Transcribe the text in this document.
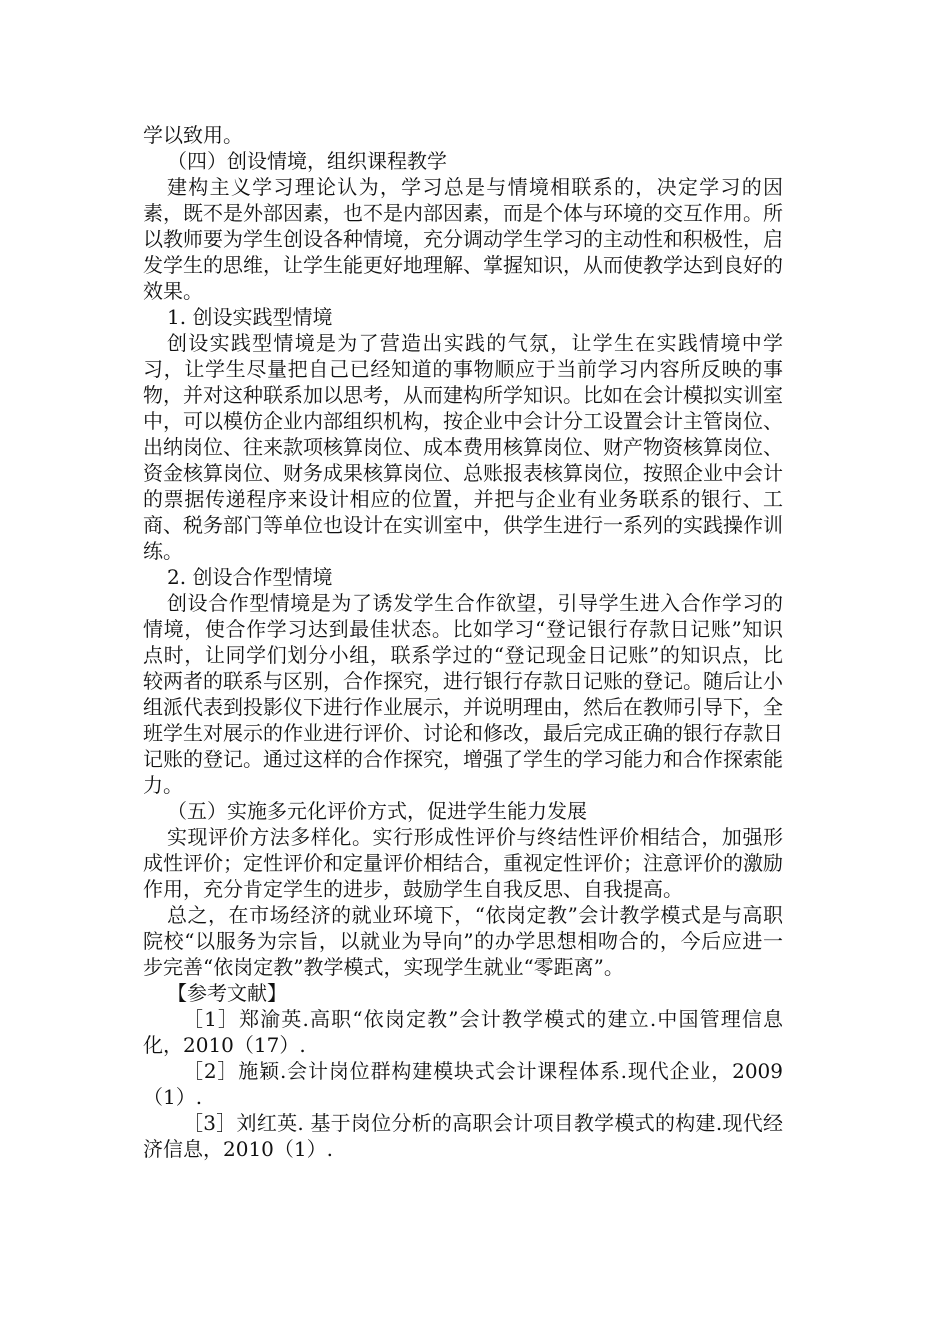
学以致用。

（四）创设情境，组织课程教学

建构主义学习理论认为，学习总是与情境相联系的，决定学习的因素，既不是外部因素，也不是内部因素，而是个体与环境的交互作用。所以教师要为学生创设各种情境，充分调动学生学习的主动性和积极性，启发学生的思维，让学生能更好地理解、掌握知识，从而使教学达到良好的效果。

1. 创设实践型情境

创设实践型情境是为了营造出实践的气氛，让学生在实践情境中学习，让学生尽量把自己已经知道的事物顺应于当前学习内容所反映的事物，并对这种联系加以思考，从而建构所学知识。比如在会计模拟实训室中，可以模仿企业内部组织机构，按企业中会计分工设置会计主管岗位、出纳岗位、往来款项核算岗位、成本费用核算岗位、财产物资核算岗位、资金核算岗位、财务成果核算岗位、总账报表核算岗位，按照企业中会计的票据传递程序来设计相应的位置，并把与企业有业务联系的银行、工商、税务部门等单位也设计在实训室中，供学生进行一系列的实践操作训练。

2. 创设合作型情境

创设合作型情境是为了诱发学生合作欲望，引导学生进入合作学习的情境，使合作学习达到最佳状态。比如学习“登记银行存款日记账”知识点时，让同学们划分小组，联系学过的“登记现金日记账”的知识点，比较两者的联系与区别，合作探究，进行银行存款日记账的登记。随后让小组派代表到投影仪下进行作业展示，并说明理由，然后在教师引导下，全班学生对展示的作业进行评价、讨论和修改，最后完成正确的银行存款日记账的登记。通过这样的合作探究，增强了学生的学习能力和合作探索能力。

（五）实施多元化评价方式，促进学生能力发展

实现评价方法多样化。实行形成性评价与终结性评价相结合，加强形成性评价；定性评价和定量评价相结合，重视定性评价；注意评价的激励作用，充分肯定学生的进步，鼓励学生自我反思、自我提高。

总之，在市场经济的就业环境下，“依岗定教”会计教学模式是与高职院校“以服务为宗旨，以就业为导向”的办学思想相吻合的，今后应进一步完善“依岗定教”教学模式，实现学生就业“零距离”。

【参考文献】

［1］郑渝英.高职“依岗定教”会计教学模式的建立.中国管理信息化，2010（17）.

［2］施颖.会计岗位群构建模块式会计课程体系.现代企业，2009（1）.

［3］刘红英. 基于岗位分析的高职会计项目教学模式的构建.现代经济信息，2010（1）.
